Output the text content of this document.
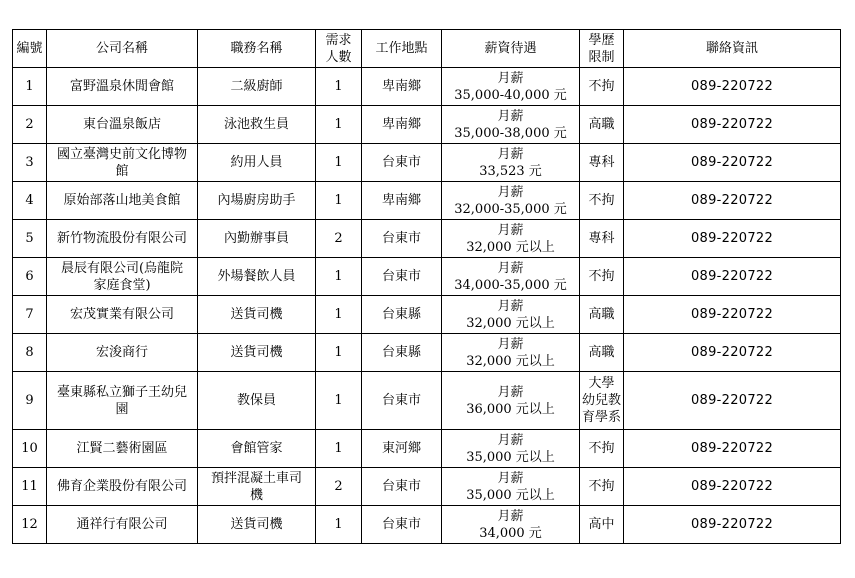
編號	公司名稱	職務名稱	需求
人數	工作地點	薪資待遇	學歷
限制	聯絡資訊
1	富野溫泉休閒會館	二級廚師	1	卑南鄉	月薪
35,000-40,000 元	不拘	089-220722
2	東台溫泉飯店	泳池救生員	1	卑南鄉	月薪
35,000-38,000 元	高職	089-220722
3	國立臺灣史前文化博物
館	約用人員	1	台東市	月薪
33,523 元	專科	089-220722
4	原始部落山地美食館	內場廚房助手	1	卑南鄉	月薪
32,000-35,000 元	不拘	089-220722
5	新竹物流股份有限公司	內勤辦事員	2	台東市	月薪
32,000 元以上	專科	089-220722
6	晨辰有限公司(烏龍院
家庭食堂)	外場餐飲人員	1	台東市	月薪
34,000-35,000 元	不拘	089-220722
7	宏茂實業有限公司	送貨司機	1	台東縣	月薪
32,000 元以上	高職	089-220722
8	宏浚商行	送貨司機	1	台東縣	月薪
32,000 元以上	高職	089-220722
9	臺東縣私立獅子王幼兒
園	教保員	1	台東市	月薪
36,000 元以上	大學
幼兒教
育學系	089-220722
10	江賢二藝術園區	會館管家	1	東河鄉	月薪
35,000 元以上	不拘	089-220722
11	佛育企業股份有限公司	預拌混凝土車司
機	2	台東市	月薪
35,000 元以上	不拘	089-220722
12	通祥行有限公司	送貨司機	1	台東市	月薪
34,000 元	高中	089-220722
